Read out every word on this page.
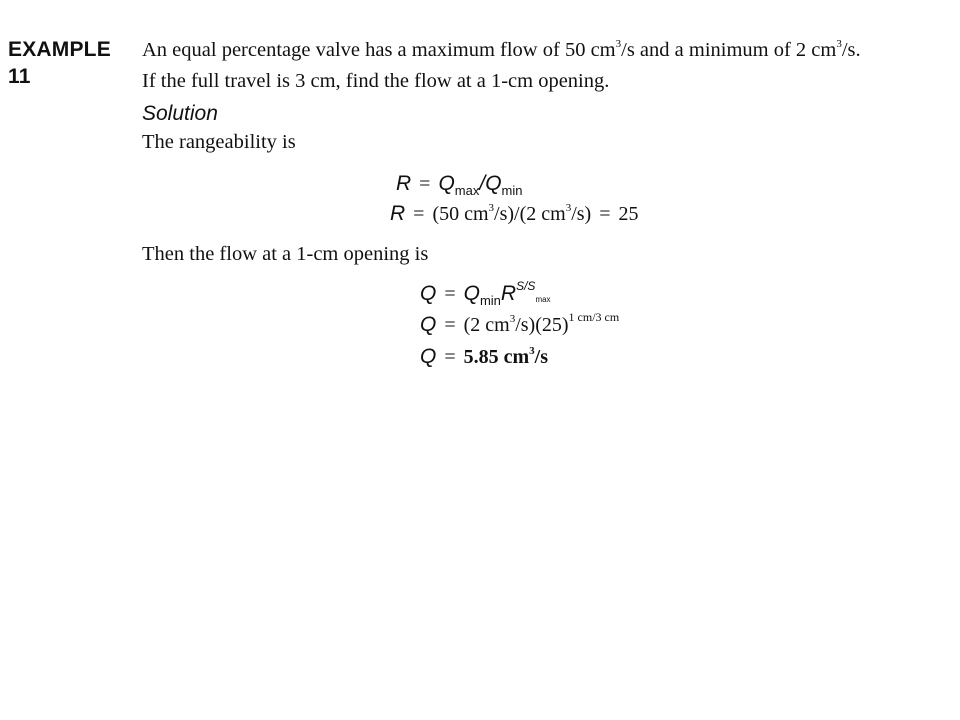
EXAMPLE
11
An equal percentage valve has a maximum flow of 50 $cm^3/s$ and a minimum of 2 $cm^3/s$.
If the full travel is 3 cm, find the flow at a 1-cm opening.
Solution
The rangeability is
$R = Q_{max}/Q_{min}$
R = (50 $cm^3/s)/(2$ $cm^3/s) = 25$
Then the flow at a 1-cm opening is
$Q = Q_{min}R^{S/S}\max$
Q = (2 $cm^3/s)(25)^{1 cm/3 cm}$
Q = 5.85 $cm^3/s$
